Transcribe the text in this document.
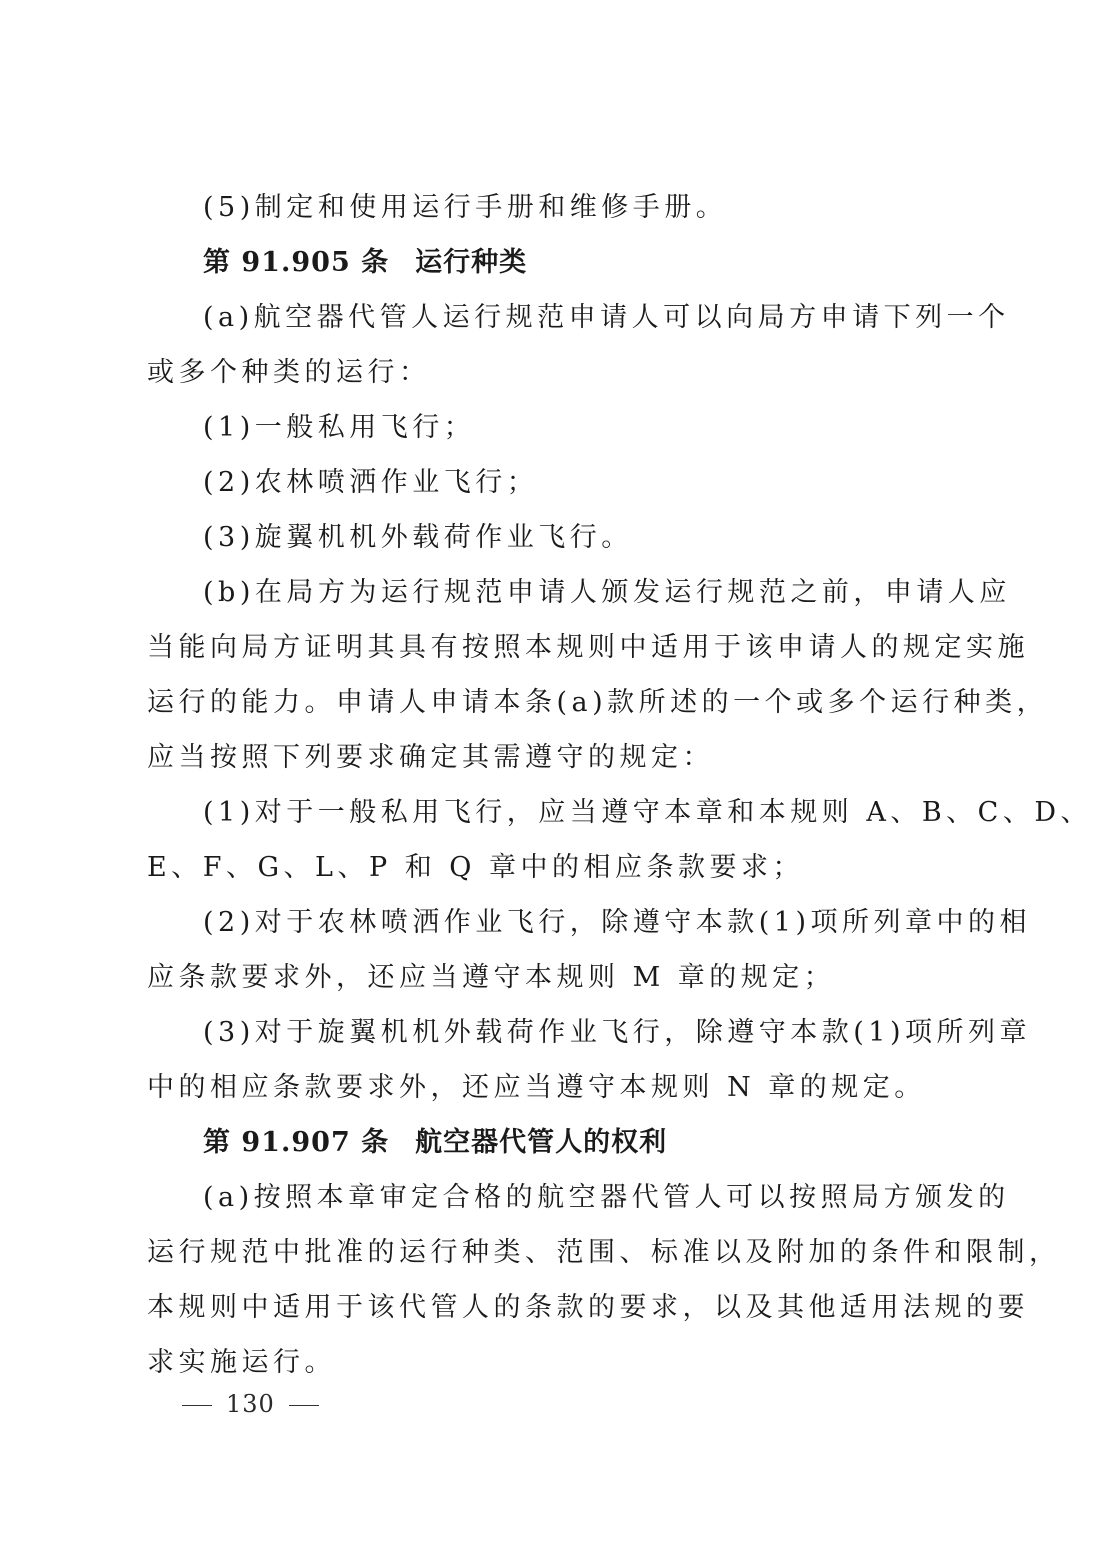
(5)制定和使用运行手册和维修手册。
第 91.905 条 运行种类
(a)航空器代管人运行规范申请人可以向局方申请下列一个
或多个种类的运行：
(1)一般私用飞行；
(2)农林喷洒作业飞行；
(3)旋翼机机外载荷作业飞行。
(b)在局方为运行规范申请人颁发运行规范之前，申请人应
当能向局方证明其具有按照本规则中适用于该申请人的规定实施
运行的能力。申请人申请本条(a)款所述的一个或多个运行种类，
应当按照下列要求确定其需遵守的规定：
(1)对于一般私用飞行，应当遵守本章和本规则 A、B、C、D、
E、F、G、L、P 和 Q 章中的相应条款要求；
(2)对于农林喷洒作业飞行，除遵守本款(1)项所列章中的相
应条款要求外，还应当遵守本规则 M 章的规定；
(3)对于旋翼机机外载荷作业飞行，除遵守本款(1)项所列章
中的相应条款要求外，还应当遵守本规则 N 章的规定。
第 91.907 条 航空器代管人的权利
(a)按照本章审定合格的航空器代管人可以按照局方颁发的
运行规范中批准的运行种类、范围、标准以及附加的条件和限制，
本规则中适用于该代管人的条款的要求，以及其他适用法规的要
求实施运行。
130
